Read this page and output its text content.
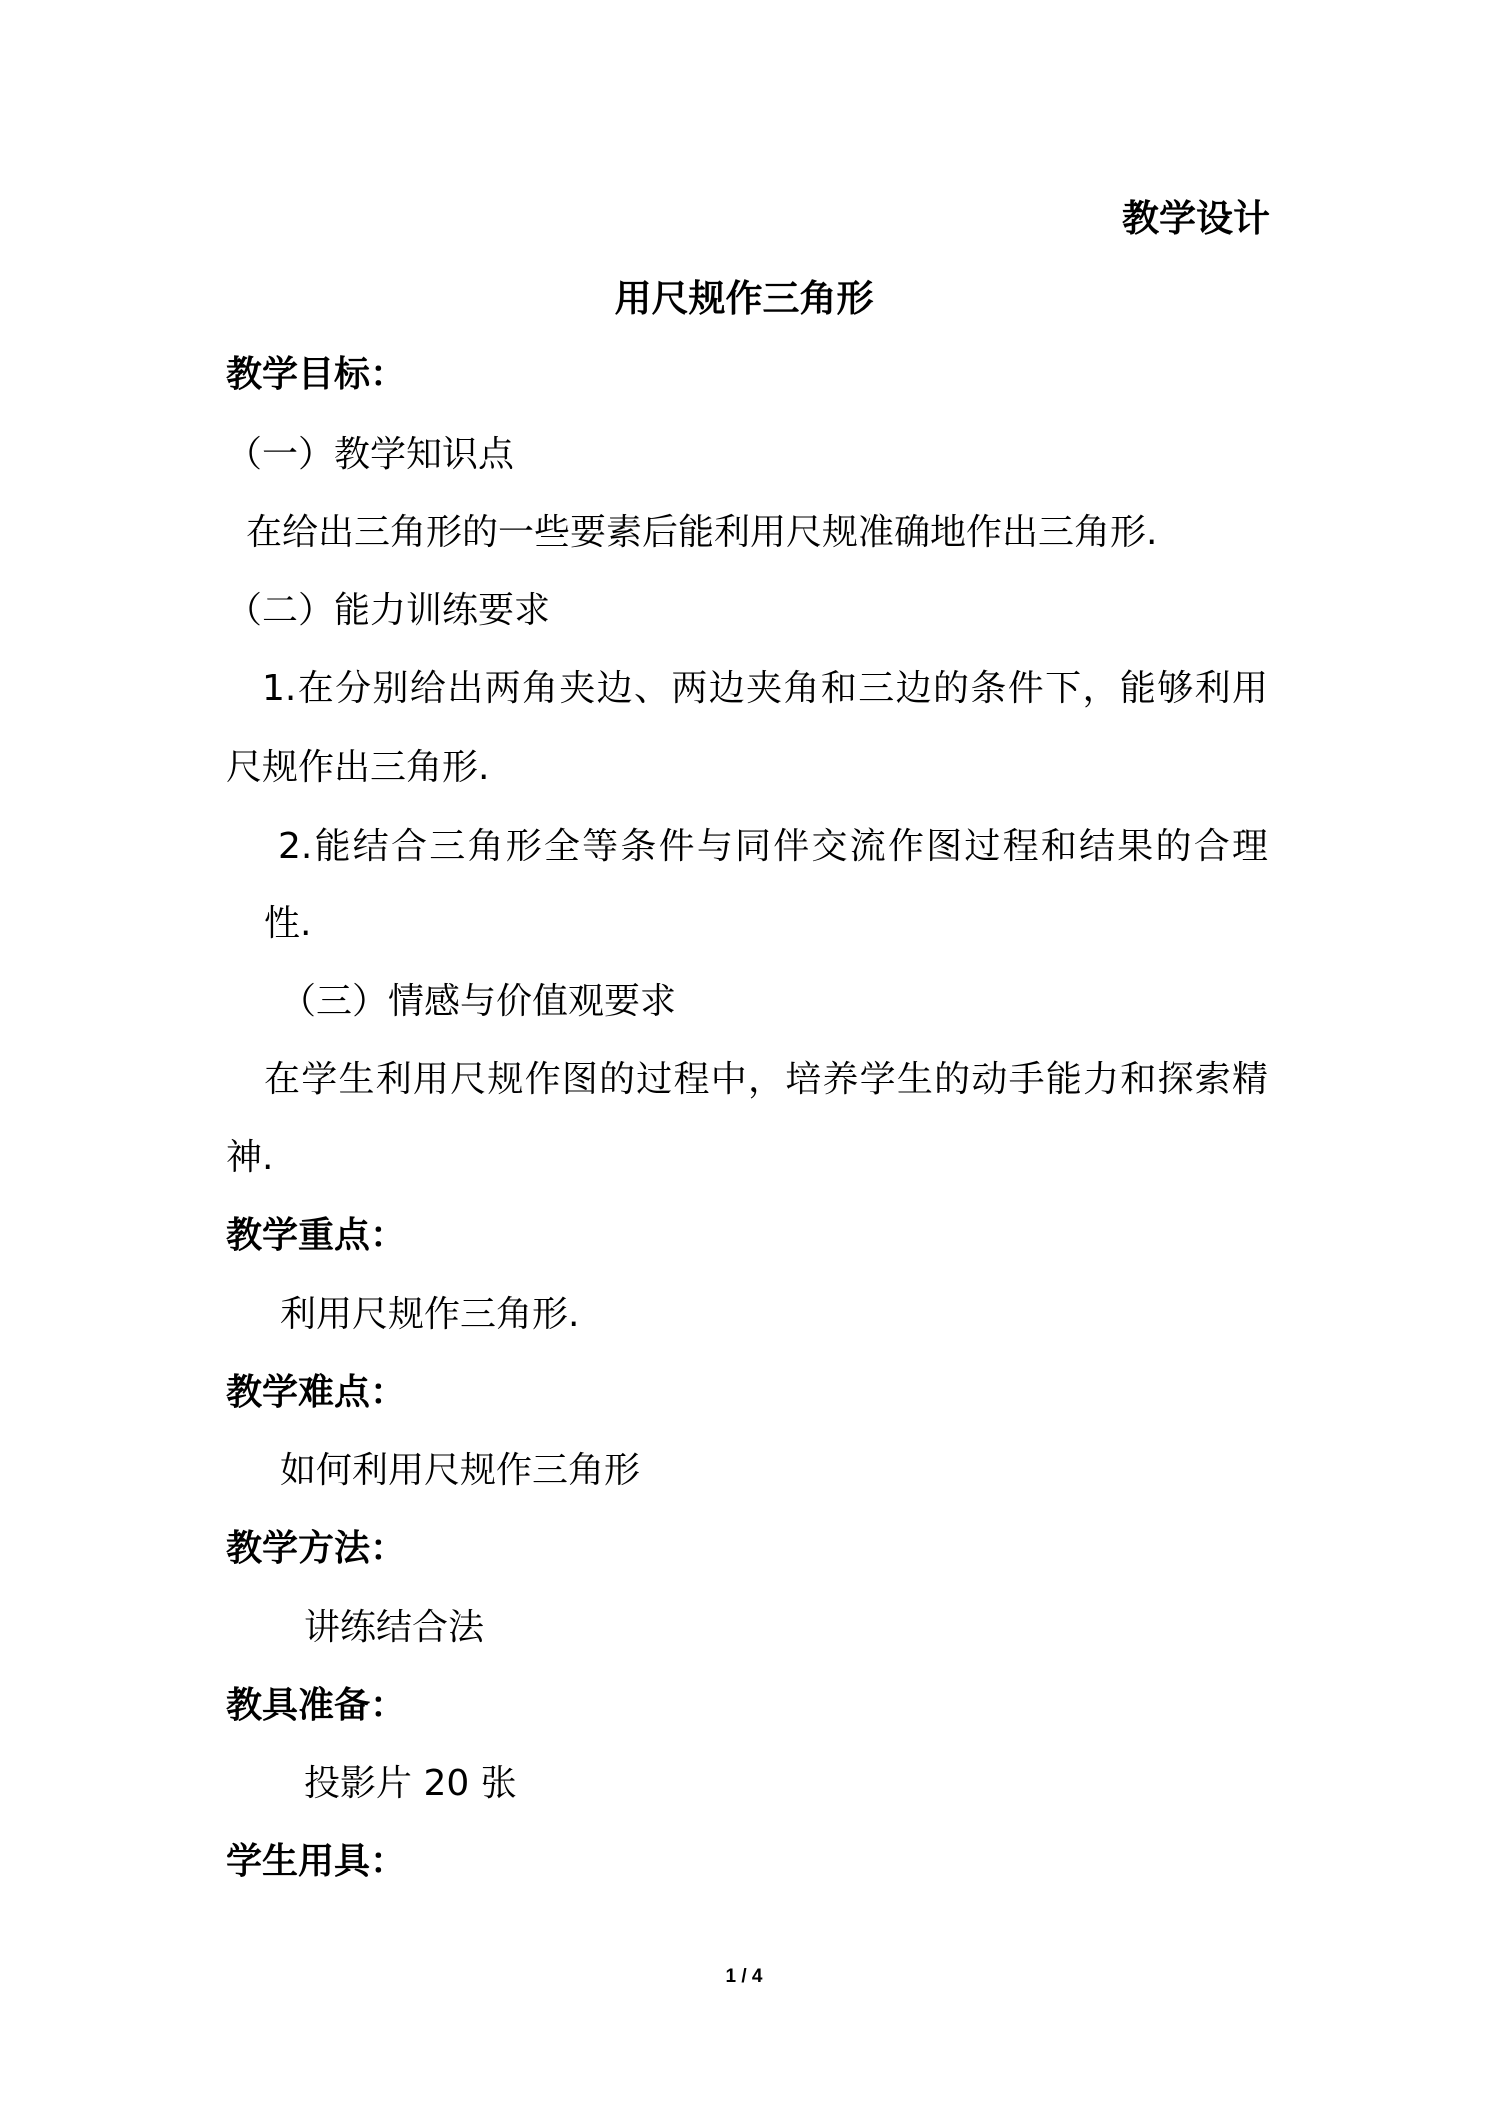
教学设计
用尺规作三角形
教学目标：
（一）教学知识点
在给出三角形的一些要素后能利用尺规准确地作出三角形.
（二）能力训练要求
1.在分别给出两角夹边、两边夹角和三边的条件下，能够利用
尺规作出三角形.
2.能结合三角形全等条件与同伴交流作图过程和结果的合理
性.
（三）情感与价值观要求
在学生利用尺规作图的过程中，培养学生的动手能力和探索精
神.
教学重点：
利用尺规作三角形.
教学难点：
如何利用尺规作三角形
教学方法：
讲练结合法
教具准备：
投影片 20 张
学生用具：
1 / 4
